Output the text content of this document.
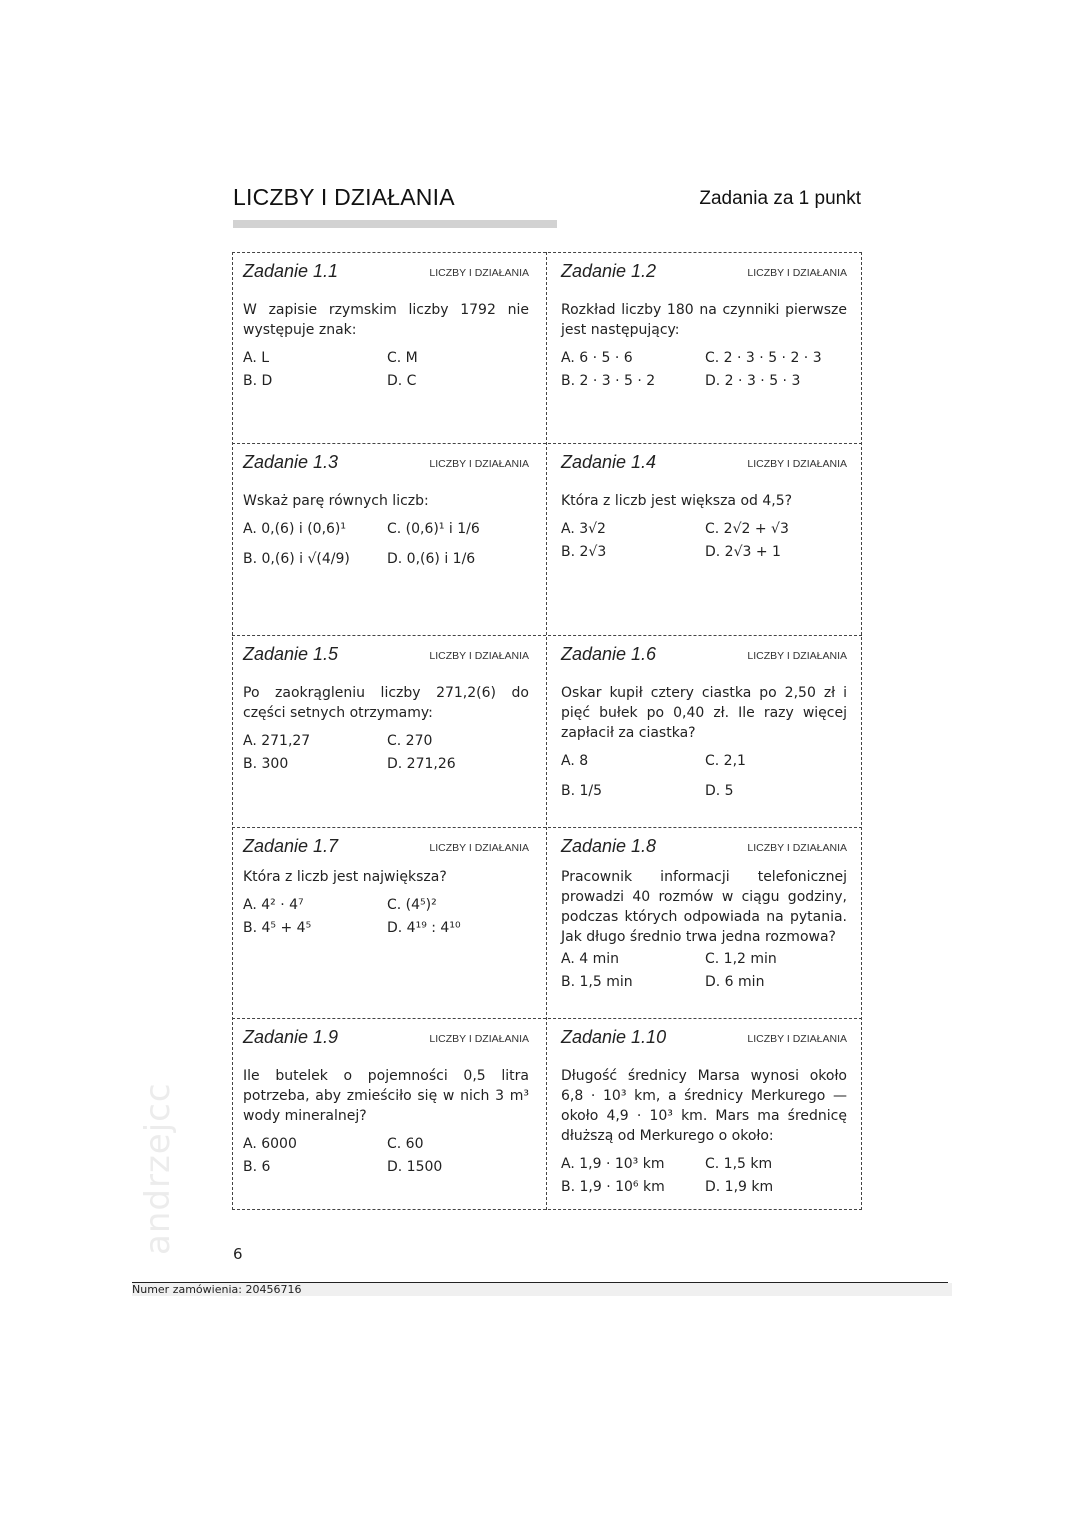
LICZBY I DZIAŁANIA	Zadania za 1 punkt
Zadanie 1.1	LICZBY I DZIAŁANIA
W zapisie rzymskim liczby 1792 nie występuje znak:
A. L	C. M
B. D	D. C
Zadanie 1.2	LICZBY I DZIAŁANIA
Rozkład liczby 180 na czynniki pierwsze jest następujący:
A. 6 · 5 · 6	C. 2 · 3 · 5 · 2 · 3
B. 2 · 3 · 5 · 2	D. 2 · 3 · 5 · 3
Zadanie 1.3	LICZBY I DZIAŁANIA
Wskaż parę równych liczb:
A. 0,(6) i (0,6)¹	C. (0,6)¹ i 1/6
B. 0,(6) i √(4/9)	D. 0,(6) i 1/6
Zadanie 1.4	LICZBY I DZIAŁANIA
Która z liczb jest większa od 4,5?
A. 3√2	C. 2√2 + √3
B. 2√3	D. 2√3 + 1
Zadanie 1.5	LICZBY I DZIAŁANIA
Po zaokrągleniu liczby 271,2(6) do części setnych otrzymamy:
A. 271,27	C. 270
B. 300	D. 271,26
Zadanie 1.6	LICZBY I DZIAŁANIA
Oskar kupił cztery ciastka po 2,50 zł i pięć bułek po 0,40 zł. Ile razy więcej zapłacił za ciastka?
A. 8	C. 2,1
B. 1/5	D. 5
Zadanie 1.7	LICZBY I DZIAŁANIA
Która z liczb jest największa?
A. 4² · 4⁷	C. (4⁵)²
B. 4⁵ + 4⁵	D. 4¹⁹ : 4¹⁰
Zadanie 1.8	LICZBY I DZIAŁANIA
Pracownik informacji telefonicznej prowadzi 40 rozmów w ciągu godziny, podczas których odpowiada na pytania. Jak długo średnio trwa jedna rozmowa?
A. 4 min	C. 1,2 min
B. 1,5 min	D. 6 min
Zadanie 1.9	LICZBY I DZIAŁANIA
Ile butelek o pojemności 0,5 litra potrzeba, aby zmieściło się w nich 3 m³ wody mineralnej?
A. 6000	C. 60
B. 6	D. 1500
Zadanie 1.10	LICZBY I DZIAŁANIA
Długość średnicy Marsa wynosi około 6,8 · 10³ km, a średnicy Merkurego — około 4,9 · 10³ km. Mars ma średnicę dłuższą od Merkurego o około:
A. 1,9 · 10³ km	C. 1,5 km
B. 1,9 · 10⁶ km	D. 1,9 km
andrzejcc	6
Numer zamówienia: 20456716
